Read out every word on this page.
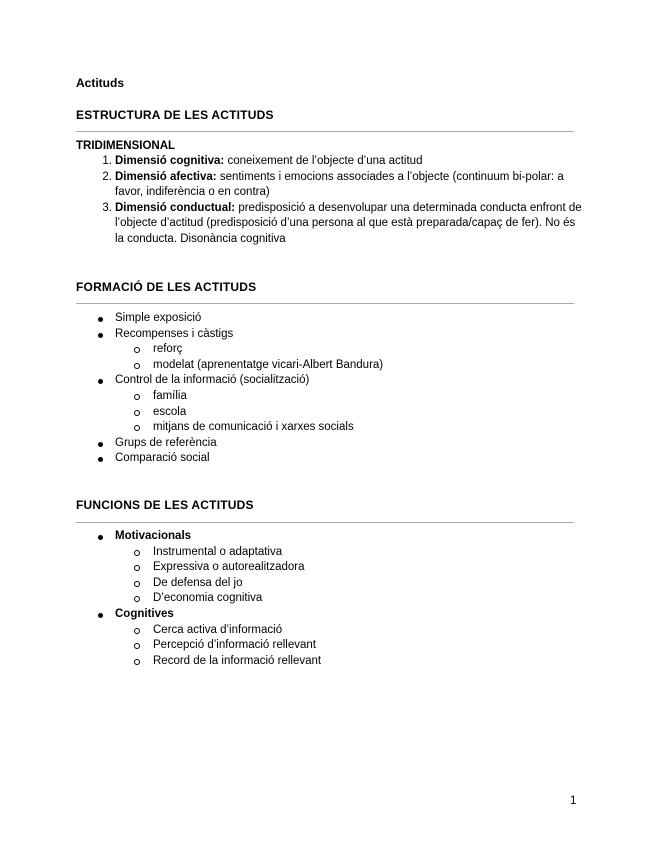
Actituds
ESTRUCTURA DE LES ACTITUDS
TRIDIMENSIONAL
1. Dimensió cognitiva: coneixement de l’objecte d’una actitud
2. Dimensió afectiva: sentiments i emocions associades a l’objecte (continuum bi-polar: a favor, indiferència o en contra)
3. Dimensió conductual: predisposició a desenvolupar una determinada conducta enfront de l’objecte d’actitud (predisposició d’una persona al que està preparada/capaç de fer). No és la conducta. Disonància cognitiva
FORMACIÓ DE LES ACTITUDS
Simple exposició
Recompenses i càstigs
reforç
modelat (aprenentatge vicari-Albert Bandura)
Control de la informació (socialització)
família
escola
mitjans de comunicació i xarxes socials
Grups de referència
Comparació social
FUNCIONS DE LES ACTITUDS
Motivacionals
Instrumental o adaptativa
Expressiva o autorealitzadora
De defensa del jo
D’economia cognitiva
Cognitives
Cerca activa d’informació
Percepció d’informació rellevant
Record de la informació rellevant
1
